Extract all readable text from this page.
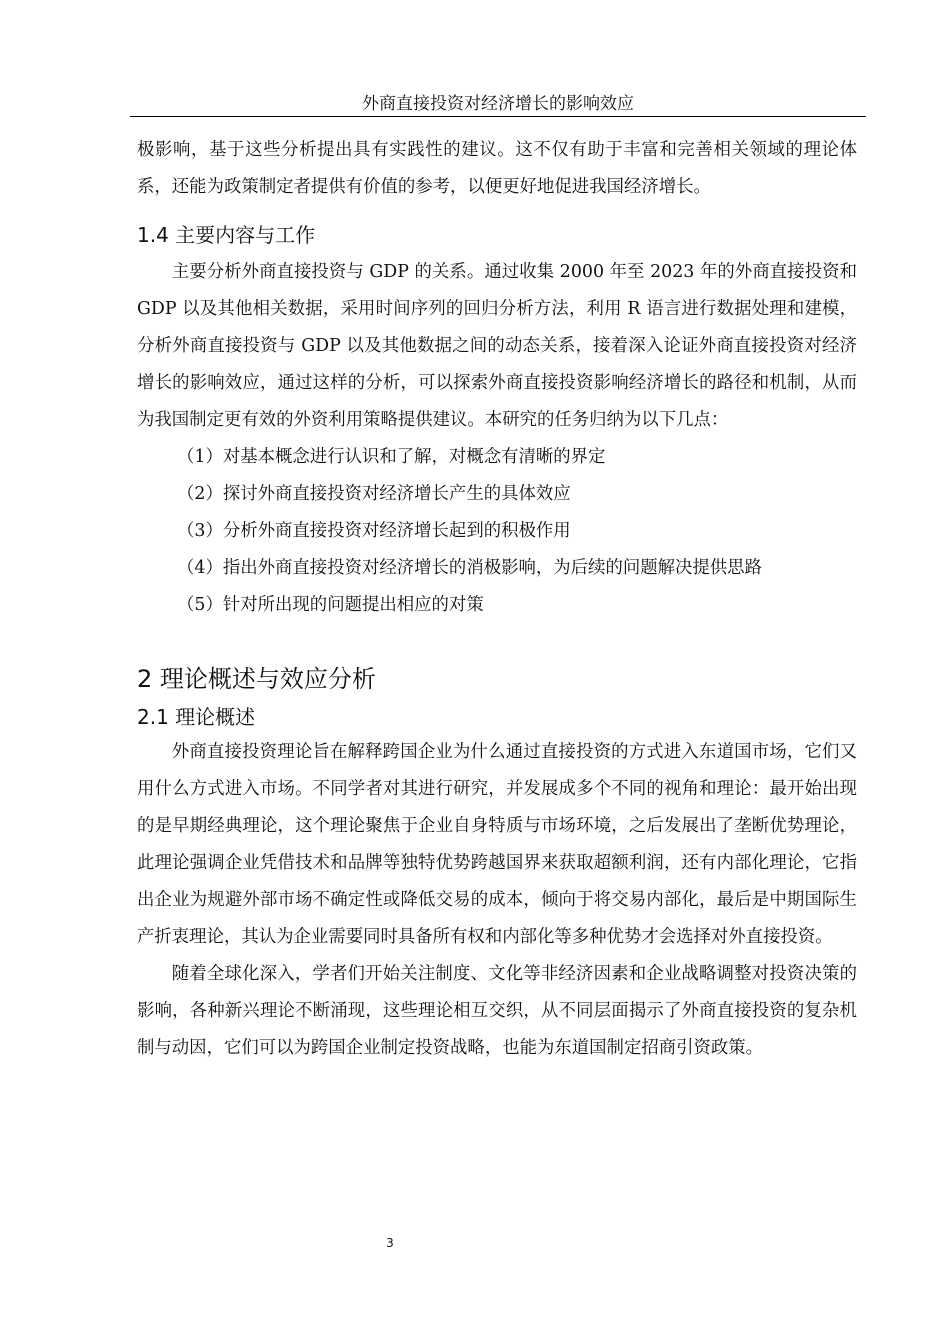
外商直接投资对经济增长的影响效应

极影响，基于这些分析提出具有实践性的建议。这不仅有助于丰富和完善相关领域的理论体系，还能为政策制定者提供有价值的参考，以便更好地促进我国经济增长。

1.4 主要内容与工作

主要分析外商直接投资与 GDP 的关系。通过收集 2000 年至 2023 年的外商直接投资和 GDP 以及其他相关数据，采用时间序列的回归分析方法，利用 R 语言进行数据处理和建模，分析外商直接投资与 GDP 以及其他数据之间的动态关系，接着深入论证外商直接投资对经济增长的影响效应，通过这样的分析，可以探索外商直接投资影响经济增长的路径和机制，从而为我国制定更有效的外资利用策略提供建议。本研究的任务归纳为以下几点：

（1）对基本概念进行认识和了解，对概念有清晰的界定
（2）探讨外商直接投资对经济增长产生的具体效应
（3）分析外商直接投资对经济增长起到的积极作用
（4）指出外商直接投资对经济增长的消极影响，为后续的问题解决提供思路
（5）针对所出现的问题提出相应的对策
2 理论概述与效应分析
2.1 理论概述

外商直接投资理论旨在解释跨国企业为什么通过直接投资的方式进入东道国市场，它们又用什么方式进入市场。不同学者对其进行研究，并发展成多个不同的视角和理论：最开始出现的是早期经典理论，这个理论聚焦于企业自身特质与市场环境，之后发展出了垄断优势理论，此理论强调企业凭借技术和品牌等独特优势跨越国界来获取超额利润，还有内部化理论，它指出企业为规避外部市场不确定性或降低交易的成本，倾向于将交易内部化，最后是中期国际生产折衷理论，其认为企业需要同时具备所有权和内部化等多种优势才会选择对外直接投资。

随着全球化深入，学者们开始关注制度、文化等非经济因素和企业战略调整对投资决策的影响，各种新兴理论不断涌现，这些理论相互交织，从不同层面揭示了外商直接投资的复杂机制与动因，它们可以为跨国企业制定投资战略，也能为东道国制定招商引资政策。

3
